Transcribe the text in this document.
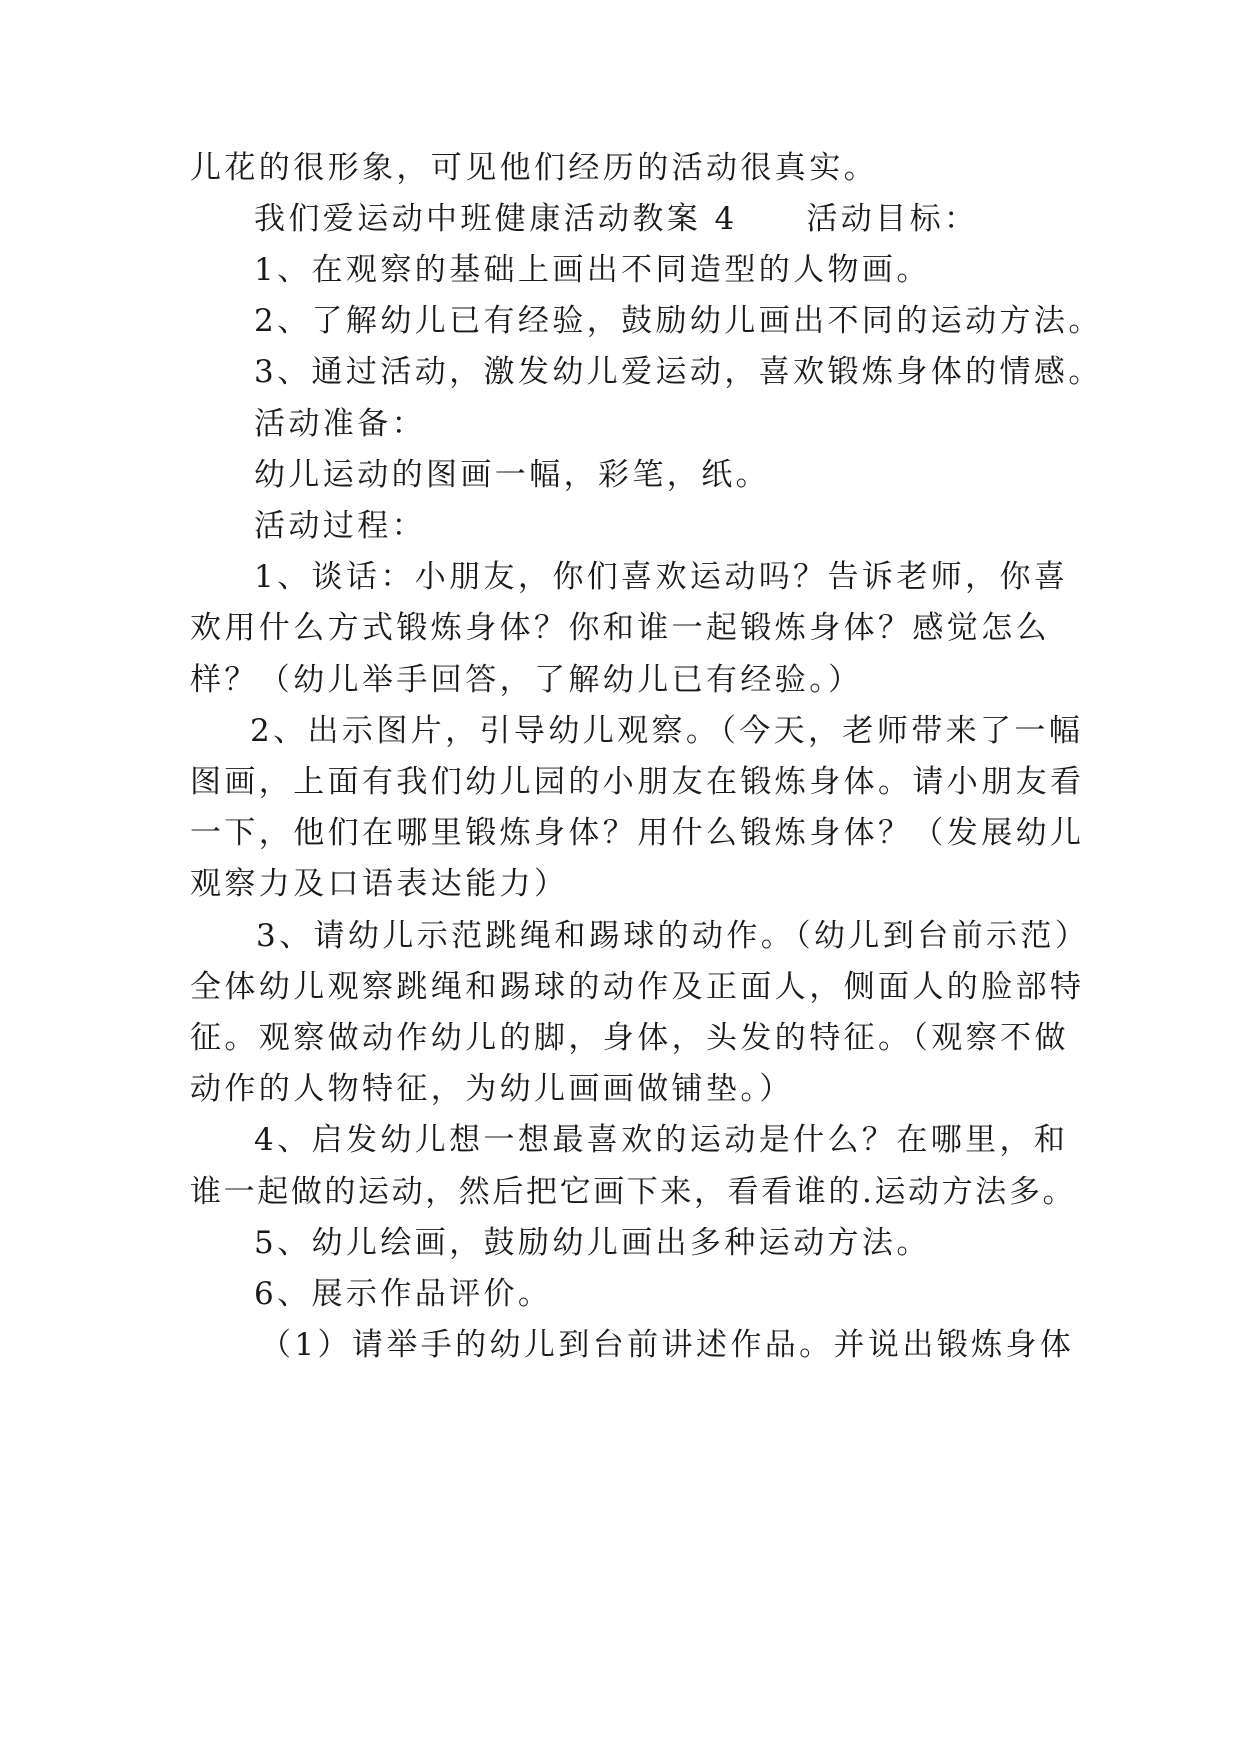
儿花的很形象，可见他们经历的活动很真实。
我们爱运动中班健康活动教案 4　　活动目标：
1、在观察的基础上画出不同造型的人物画。
2、了解幼儿已有经验，鼓励幼儿画出不同的运动方法。
3、通过活动，激发幼儿爱运动，喜欢锻炼身体的情感。
活动准备：
幼儿运动的图画一幅，彩笔，纸。
活动过程：
1、谈话：小朋友，你们喜欢运动吗？告诉老师，你喜
欢用什么方式锻炼身体？你和谁一起锻炼身体？感觉怎么
样？（幼儿举手回答，了解幼儿已有经验。）
2、出示图片，引导幼儿观察。（今天，老师带来了一幅
图画，上面有我们幼儿园的小朋友在锻炼身体。请小朋友看
一下，他们在哪里锻炼身体？用什么锻炼身体？（发展幼儿
观察力及口语表达能力）
3、请幼儿示范跳绳和踢球的动作。（幼儿到台前示范）
全体幼儿观察跳绳和踢球的动作及正面人，侧面人的脸部特
征。观察做动作幼儿的脚，身体，头发的特征。（观察不做
动作的人物特征，为幼儿画画做铺垫。）
4、启发幼儿想一想最喜欢的运动是什么？在哪里，和
谁一起做的运动，然后把它画下来，看看谁的.运动方法多。
5、幼儿绘画，鼓励幼儿画出多种运动方法。
6、展示作品评价。
（1）请举手的幼儿到台前讲述作品。并说出锻炼身体
